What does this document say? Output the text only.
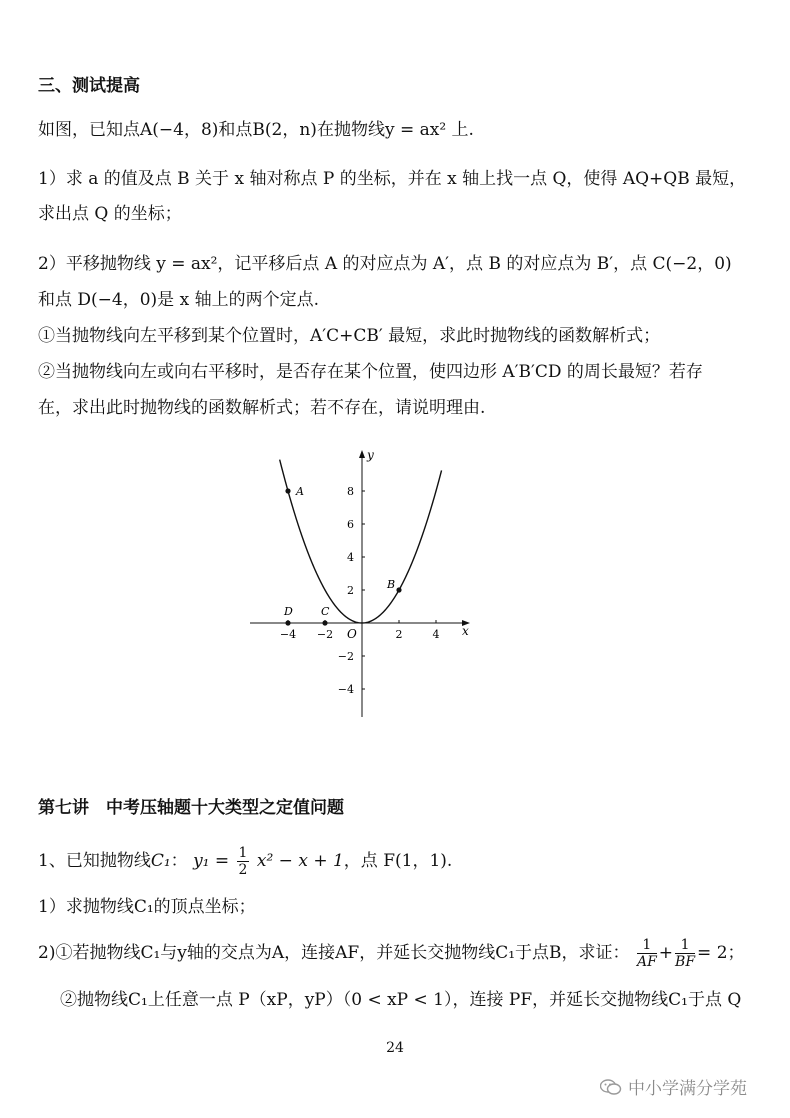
三、测试提高
如图，已知点A(−4，8)和点B(2，n)在抛物线y = ax² 上.
1）求 a 的值及点 B 关于 x 轴对称点 P 的坐标，并在 x 轴上找一点 Q，使得 AQ+QB 最短，
求出点 Q 的坐标；
2）平移抛物线 y = ax²，记平移后点 A 的对应点为 A′，点 B 的对应点为 B′，点 C(−2，0)
和点 D(−4，0)是 x 轴上的两个定点.
①当抛物线向左平移到某个位置时，A′C+CB′ 最短，求此时抛物线的函数解析式；
②当抛物线向左或向右平移时，是否存在某个位置，使四边形 A′B′CD 的周长最短？若存
在，求出此时抛物线的函数解析式；若不存在，请说明理由.
−4 −2	2	4
8
6
4
2
−2
−4
A
B
C
D
x
y
O
第七讲　中考压轴题十大类型之定值问题
1、已知抛物线C₁： $y_1 = \frac{1}{2} x^2 - x + 1$，点 F(1，1).
1）求抛物线C₁的顶点坐标；
2)①若抛物线C₁与y轴的交点为A，连接AF，并延长交抛物线C₁于点B，求证： $\frac{1}{AF} + \frac{1}{BF} = 2$；
②抛物线C₁上任意一点 P（xP，yP）（0 < xP < 1），连接 PF，并延长交抛物线C₁于点 Q
24
中小学满分学苑
